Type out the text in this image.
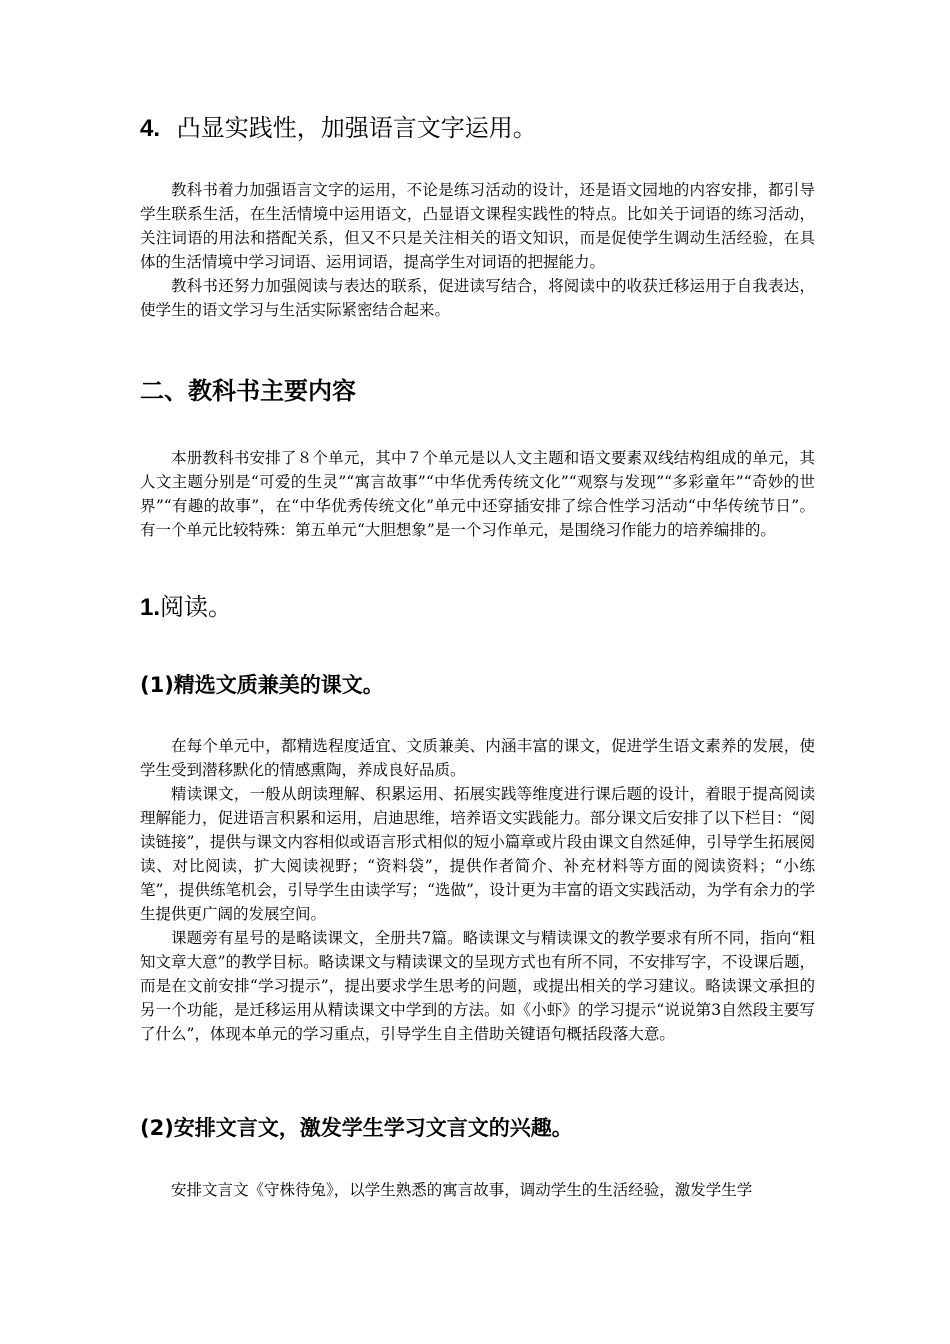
4. 凸显实践性，加强语言文字运用。

教科书着力加强语言文字的运用，不论是练习活动的设计，还是语文园地的内容安排，都引导学生联系生活，在生活情境中运用语文，凸显语文课程实践性的特点。比如关于词语的练习活动，关注词语的用法和搭配关系，但又不只是关注相关的语文知识，而是促使学生调动生活经验，在具体的生活情境中学习词语、运用词语，提高学生对词语的把握能力。

教科书还努力加强阅读与表达的联系，促进读写结合，将阅读中的收获迁移运用于自我表达，使学生的语文学习与生活实际紧密结合起来。

二、教科书主要内容

本册教科书安排了８个单元，其中７个单元是以人文主题和语文要素双线结构组成的单元，其人文主题分别是“可爱的生灵”“寓言故事”“中华优秀传统文化”“观察与发现”“多彩童年”“奇妙的世界”“有趣的故事”，在“中华优秀传统文化”单元中还穿插安排了综合性学习活动“中华传统节日”。有一个单元比较特殊：第五单元“大胆想象”是一个习作单元，是围绕习作能力的培养编排的。

1.阅读。
(1)精选文质兼美的课文。

在每个单元中，都精选程度适宜、文质兼美、内涵丰富的课文，促进学生语文素养的发展，使学生受到潜移默化的情感熏陶，养成良好品质。

精读课文，一般从朗读理解、积累运用、拓展实践等维度进行课后题的设计，着眼于提高阅读理解能力，促进语言积累和运用，启迪思维，培养语文实践能力。部分课文后安排了以下栏目：“阅读链接”，提供与课文内容相似或语言形式相似的短小篇章或片段由课文自然延伸，引导学生拓展阅读、对比阅读，扩大阅读视野；“资料袋”，提供作者简介、补充材料等方面的阅读资料；“小练笔”，提供练笔机会，引导学生由读学写；“选做”，设计更为丰富的语文实践活动，为学有余力的学生提供更广阔的发展空间。

课题旁有星号的是略读课文，全册共7篇。略读课文与精读课文的教学要求有所不同，指向“粗知文章大意”的教学目标。略读课文与精读课文的呈现方式也有所不同，不安排写字，不设课后题，而是在文前安排“学习提示”，提出要求学生思考的问题，或提出相关的学习建议。略读课文承担的另一个功能，是迁移运用从精读课文中学到的方法。如《小虾》的学习提示“说说第3自然段主要写了什么”，体现本单元的学习重点，引导学生自主借助关键语句概括段落大意。

(2)安排文言文，激发学生学习文言文的兴趣。

安排文言文《守株待兔》，以学生熟悉的寓言故事，调动学生的生活经验，激发学生学
